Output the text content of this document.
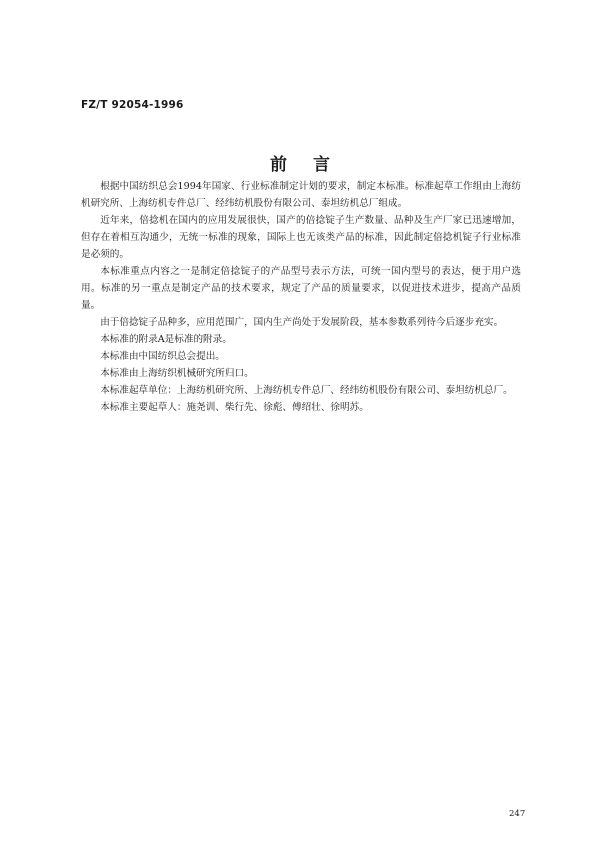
FZ/T 92054-1996
前 言

根据中国纺织总会1994年国家、行业标准制定计划的要求，制定本标准。标准起草工作组由上海纺机研究所、上海纺机专件总厂、经纬纺机股份有限公司、泰坦纺机总厂组成。

近年来，倍捻机在国内的应用发展很快，国产的倍捻锭子生产数量、品种及生产厂家已迅速增加，但存在着相互沟通少，无统一标准的现象，国际上也无该类产品的标准，因此制定倍捻机锭子行业标准是必须的。

本标准重点内容之一是制定倍捻锭子的产品型号表示方法，可统一国内型号的表达，便于用户选用。标准的另一重点是制定产品的技术要求，规定了产品的质量要求，以促进技术进步，提高产品质量。

由于倍捻锭子品种多，应用范围广，国内生产尚处于发展阶段，基本参数系列待今后逐步充实。

本标准的附录A是标准的附录。

本标准由中国纺织总会提出。

本标准由上海纺织机械研究所归口。

本标准起草单位：上海纺机研究所、上海纺机专件总厂、经纬纺机股份有限公司、泰坦纺机总厂。

本标准主要起草人：施尧训、柴行先、徐彪、傅绍壮、徐明苏。

247
